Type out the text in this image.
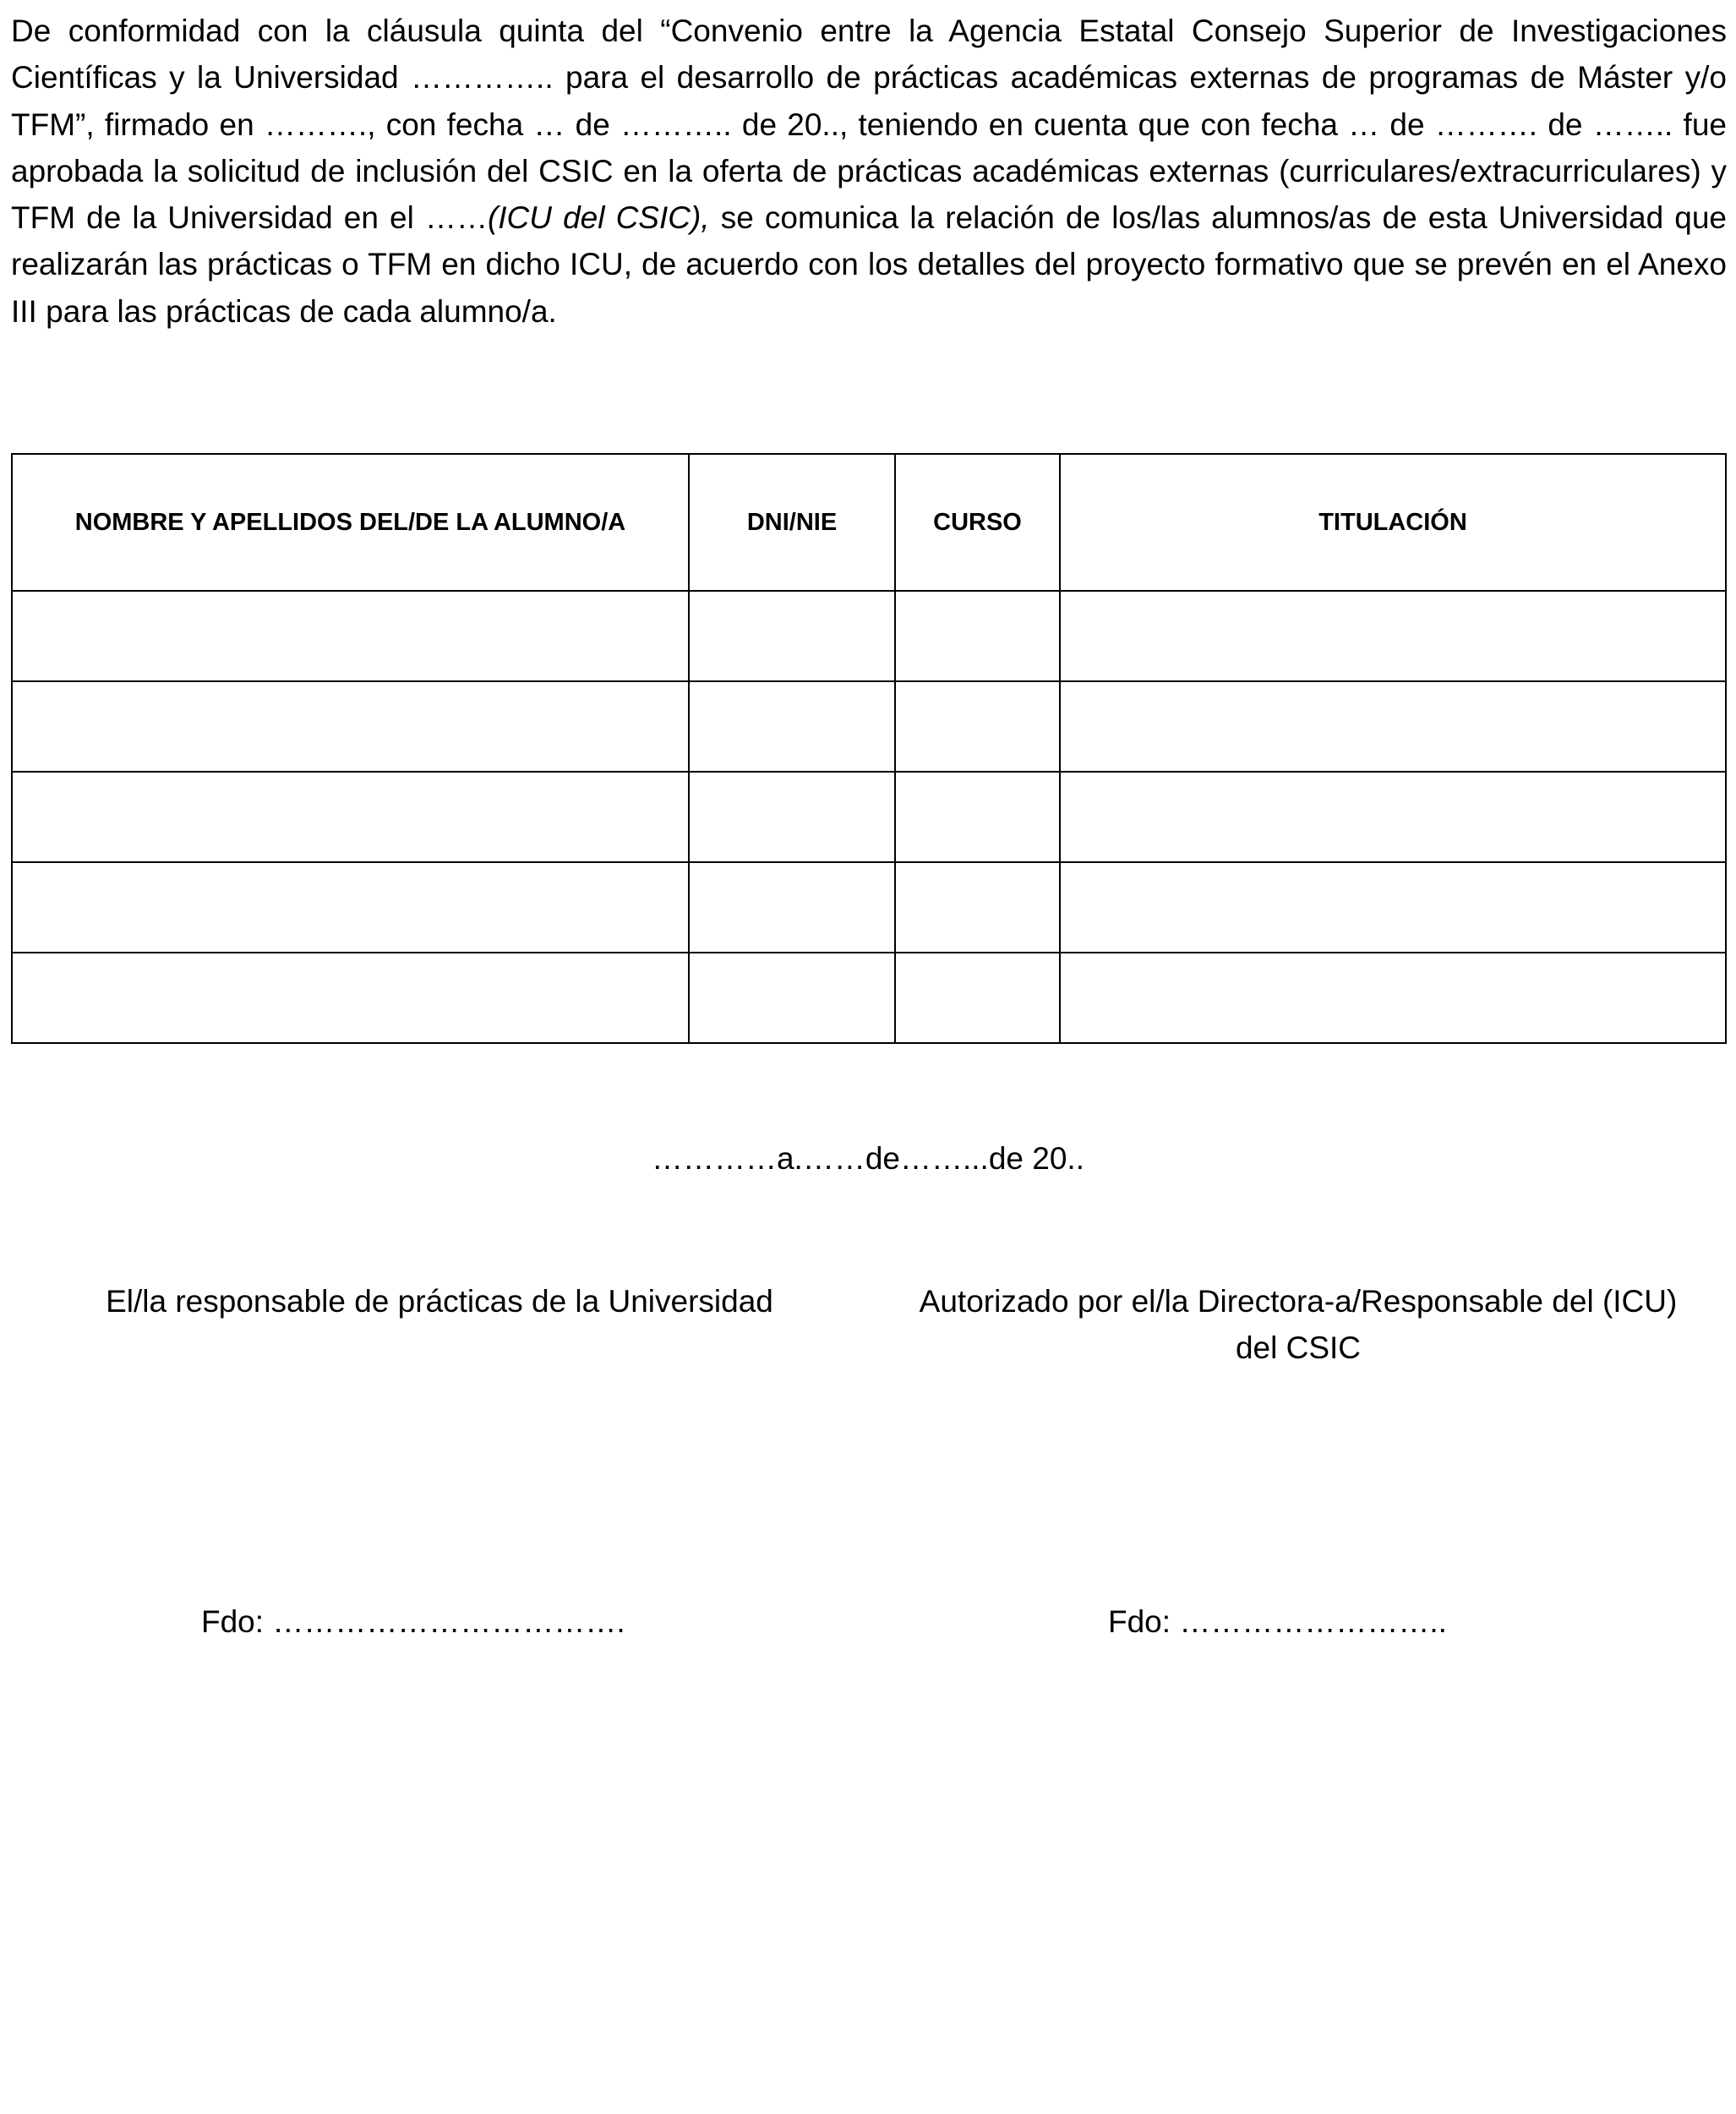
De conformidad con la cláusula quinta del “Convenio entre la Agencia Estatal Consejo Superior de Investigaciones Científicas y la Universidad ………….. para el desarrollo de prácticas académicas externas de programas de Máster y/o TFM”, firmado en ………., con fecha … de ……….. de 20.., teniendo en cuenta que con fecha … de ………. de …….. fue aprobada la solicitud de inclusión del CSIC en la oferta de prácticas académicas externas (curriculares/extracurriculares) y TFM de la Universidad en el ……(ICU del CSIC), se comunica la relación de los/las alumnos/as de esta Universidad que realizarán las prácticas o TFM en dicho ICU, de acuerdo con los detalles del proyecto formativo que se prevén en el Anexo III para las prácticas de cada alumno/a.

NOMBRE Y APELLIDOS DEL/DE LA ALUMNO/A	DNI/NIE	CURSO	TITULACIÓN

…………a.……de……...de 20..
El/la responsable de prácticas de la Universidad	Autorizado por el/la Directora-a/Responsable del (ICU) del CSIC
Fdo: …………………………….	Fdo: ……………………..
